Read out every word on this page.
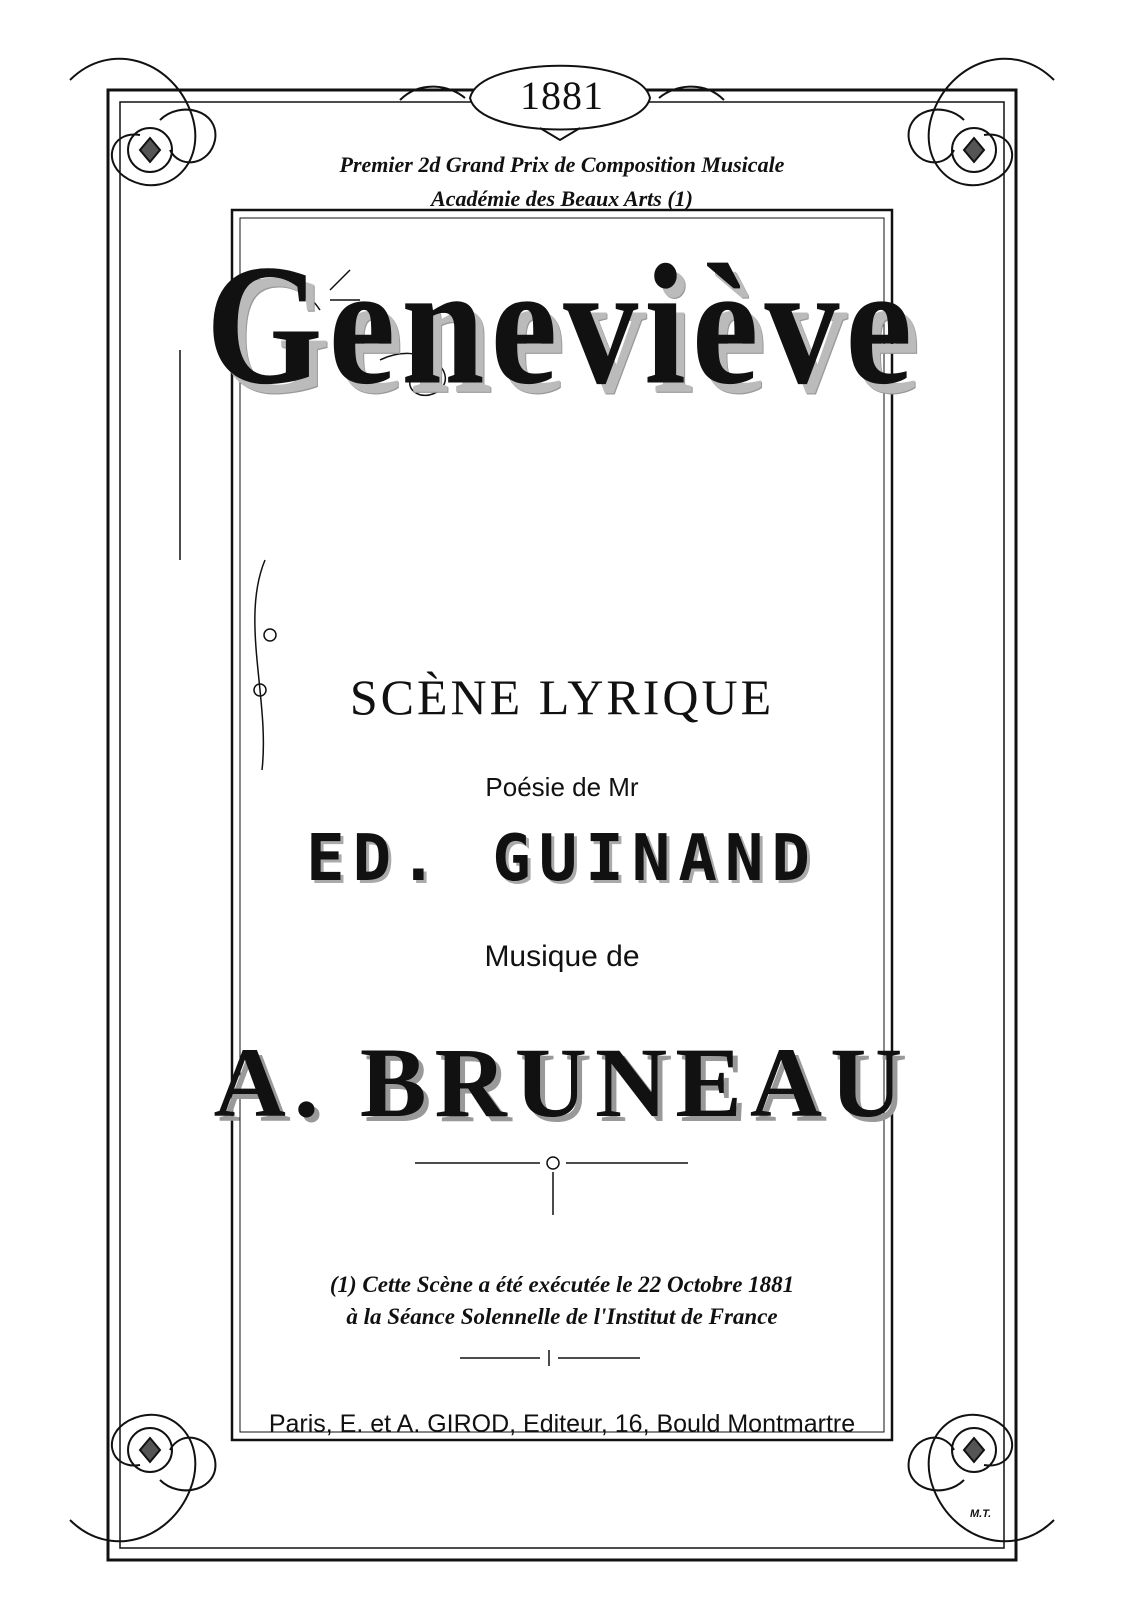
1881
Premier 2d Grand Prix de Composition Musicale
Académie des Beaux Arts (1)
Geneviève
SCÈNE LYRIQUE
Poésie de Mr
ED. GUINAND
Musique de
A. BRUNEAU
(1) Cette Scène a été exécutée le 22 Octobre 1881
à la Séance Solennelle de l'Institut de France
Paris, E. et A. GIROD, Editeur, 16, Bould Montmartre
M.T.
